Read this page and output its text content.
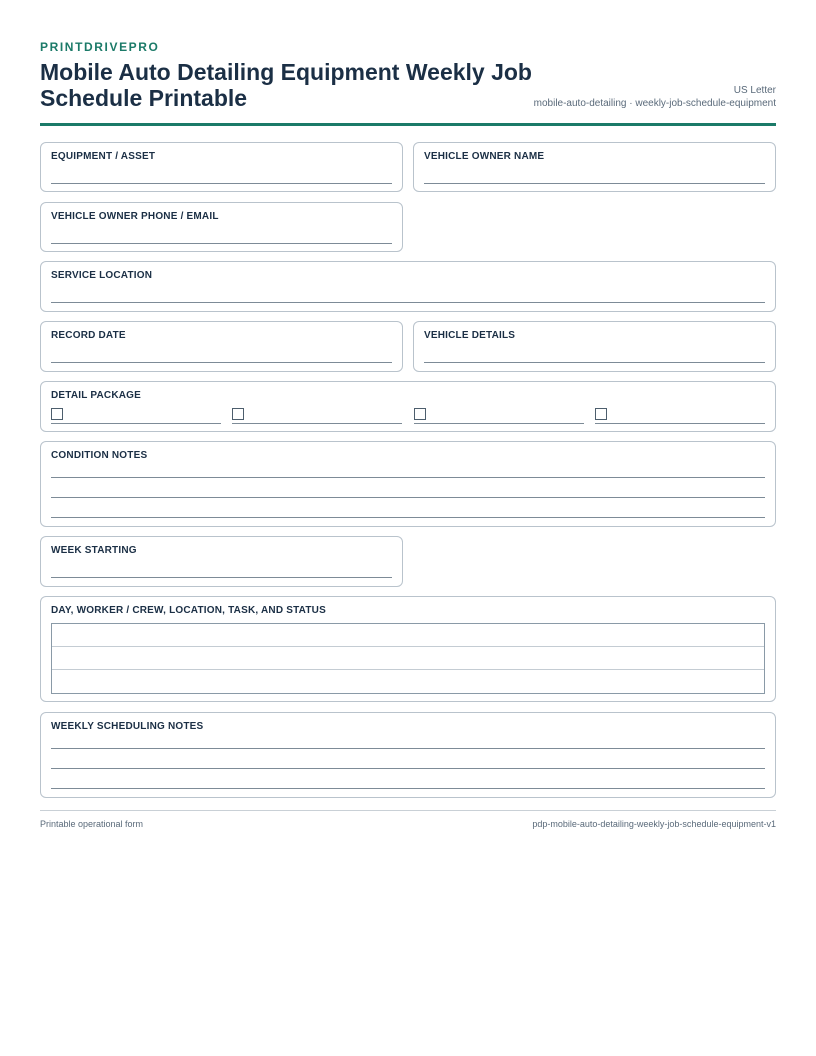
PRINTDRIVEPRO
Mobile Auto Detailing Equipment Weekly Job Schedule Printable	US Letter
mobile-auto-detailing · weekly-job-schedule-equipment
EQUIPMENT / ASSET	VEHICLE OWNER NAME
VEHICLE OWNER PHONE / EMAIL
SERVICE LOCATION
RECORD DATE	VEHICLE DETAILS
DETAIL PACKAGE
CONDITION NOTES
WEEK STARTING
DAY, WORKER / CREW, LOCATION, TASK, AND STATUS
WEEKLY SCHEDULING NOTES
Printable operational form	pdp-mobile-auto-detailing-weekly-job-schedule-equipment-v1
